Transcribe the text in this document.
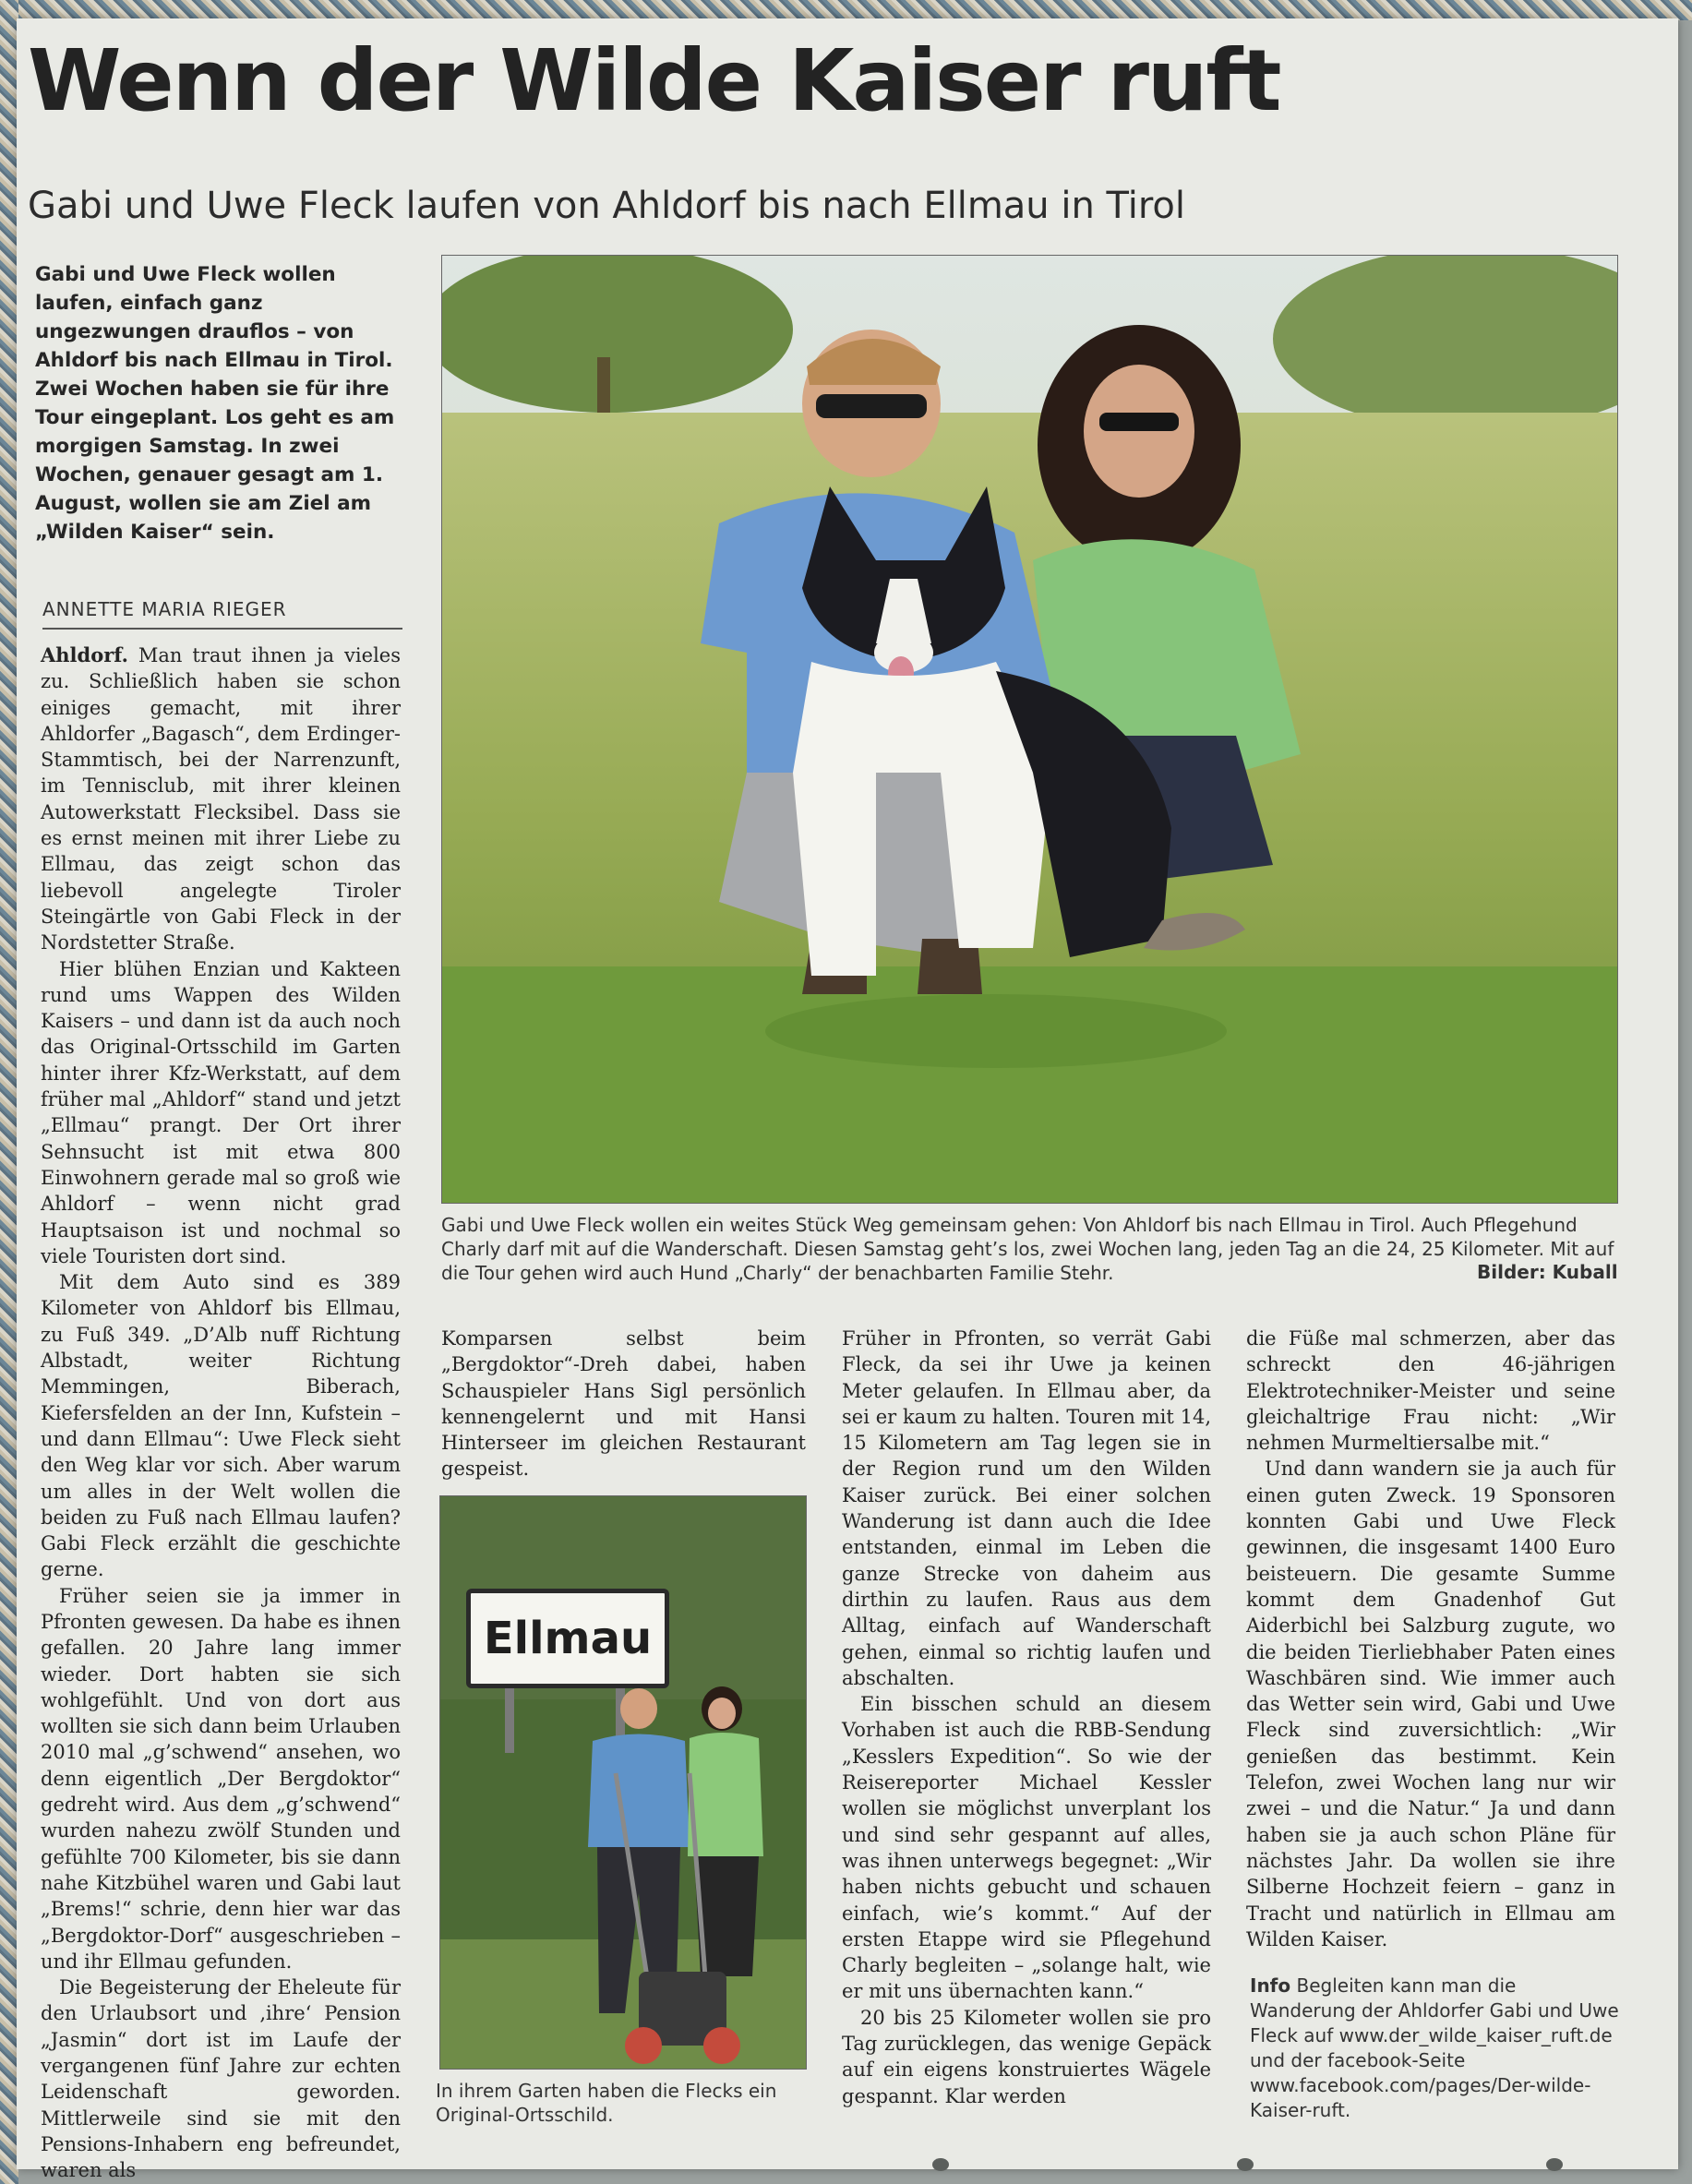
Wenn der Wilde Kaiser ruft
Gabi und Uwe Fleck laufen von Ahldorf bis nach Ellmau in Tirol
Gabi und Uwe Fleck wollen laufen, einfach ganz ungezwungen drauflos – von Ahldorf bis nach Ellmau in Tirol. Zwei Wochen haben sie für ihre Tour eingeplant. Los geht es am morgigen Samstag. In zwei Wochen, genauer gesagt am 1. August, wollen sie am Ziel am „Wilden Kaiser“ sein.
ANNETTE MARIA RIEGER

Ahldorf. Man traut ihnen ja vieles zu. Schließlich haben sie schon einiges gemacht, mit ihrer Ahldorfer „Bagasch“, dem Erdinger-Stammtisch, bei der Narrenzunft, im Tennisclub, mit ihrer kleinen Autowerkstatt Flecksibel. Dass sie es ernst meinen mit ihrer Liebe zu Ellmau, das zeigt schon das liebevoll angelegte Tiroler Steingärtle von Gabi Fleck in der Nordstetter Straße.

Hier blühen Enzian und Kakteen rund ums Wappen des Wilden Kaisers – und dann ist da auch noch das Original-Ortsschild im Garten hinter ihrer Kfz-Werkstatt, auf dem früher mal „Ahldorf“ stand und jetzt „Ellmau“ prangt. Der Ort ihrer Sehnsucht ist mit etwa 800 Einwohnern gerade mal so groß wie Ahldorf – wenn nicht grad Hauptsaison ist und nochmal so viele Touristen dort sind.

Mit dem Auto sind es 389 Kilometer von Ahldorf bis Ellmau, zu Fuß 349. „D’Alb nuff Richtung Albstadt, weiter Richtung Memmingen, Biberach, Kiefersfelden an der Inn, Kufstein – und dann Ellmau“: Uwe Fleck sieht den Weg klar vor sich. Aber warum um alles in der Welt wollen die beiden zu Fuß nach Ellmau laufen? Gabi Fleck erzählt die geschichte gerne.

Früher seien sie ja immer in Pfronten gewesen. Da habe es ihnen gefallen. 20 Jahre lang immer wieder. Dort habten sie sich wohlgefühlt. Und von dort aus wollten sie sich dann beim Urlauben 2010 mal „g’schwend“ ansehen, wo denn eigentlich „Der Bergdoktor“ gedreht wird. Aus dem „g’schwend“ wurden nahezu zwölf Stunden und gefühlte 700 Kilometer, bis sie dann nahe Kitzbühel waren und Gabi laut „Brems!“ schrie, denn hier war das „Bergdoktor-Dorf“ ausgeschrieben – und ihr Ellmau gefunden.

Die Begeisterung der Eheleute für den Urlaubsort und ‚ihre‘ Pension „Jasmin“ dort ist im Laufe der vergangenen fünf Jahre zur echten Leidenschaft geworden. Mittlerweile sind sie mit den Pensions-Inhabern eng befreundet, waren als

Gabi und Uwe Fleck wollen ein weites Stück Weg gemeinsam gehen: Von Ahldorf bis nach Ellmau in Tirol. Auch Pflegehund Charly darf mit auf die Wanderschaft. Diesen Samstag geht’s los, zwei Wochen lang, jeden Tag an die 24, 25 Kilometer. Mit auf die Tour gehen wird auch Hund „Charly“ der benachbarten Familie Stehr.	Bilder: Kuball
Ellmau
In ihrem Garten haben die Flecks ein Original-Ortsschild.

Komparsen selbst beim „Bergdoktor“-Dreh dabei, haben Schauspieler Hans Sigl persönlich kennengelernt und mit Hansi Hinterseer im gleichen Restaurant gespeist.

Früher in Pfronten, so verrät Gabi Fleck, da sei ihr Uwe ja keinen Meter gelaufen. In Ellmau aber, da sei er kaum zu halten. Touren mit 14, 15 Kilometern am Tag legen sie in der Region rund um den Wilden Kaiser zurück. Bei einer solchen Wanderung ist dann auch die Idee entstanden, einmal im Leben die ganze Strecke von daheim aus dirthin zu laufen. Raus aus dem Alltag, einfach auf Wanderschaft gehen, einmal so richtig laufen und abschalten.

Ein bisschen schuld an diesem Vorhaben ist auch die RBB-Sendung „Kesslers Expedition“. So wie der Reisereporter Michael Kessler wollen sie möglichst unverplant los und sind sehr gespannt auf alles, was ihnen unterwegs begegnet: „Wir haben nichts gebucht und schauen einfach, wie’s kommt.“ Auf der ersten Etappe wird sie Pflegehund Charly begleiten – „solange halt, wie er mit uns übernachten kann.“

20 bis 25 Kilometer wollen sie pro Tag zurücklegen, das wenige Gepäck auf ein eigens konstruiertes Wägele gespannt. Klar werden

die Füße mal schmerzen, aber das schreckt den 46-jährigen Elektrotechniker-Meister und seine gleichaltrige Frau nicht: „Wir nehmen Murmeltiersalbe mit.“

Und dann wandern sie ja auch für einen guten Zweck. 19 Sponsoren konnten Gabi und Uwe Fleck gewinnen, die insgesamt 1400 Euro beisteuern. Die gesamte Summe kommt dem Gnadenhof Gut Aiderbichl bei Salzburg zugute, wo die beiden Tierliebhaber Paten eines Waschbären sind. Wie immer auch das Wetter sein wird, Gabi und Uwe Fleck sind zuversichtlich: „Wir genießen das bestimmt. Kein Telefon, zwei Wochen lang nur wir zwei – und die Natur.“ Ja und dann haben sie ja auch schon Pläne für nächstes Jahr. Da wollen sie ihre Silberne Hochzeit feiern – ganz in Tracht und natürlich in Ellmau am Wilden Kaiser.

Info Begleiten kann man die Wanderung der Ahldorfer Gabi und Uwe Fleck auf www.der_wilde_kaiser_ruft.de und der facebook-Seite www.facebook.com/pages/Der-wilde-Kaiser-ruft.
